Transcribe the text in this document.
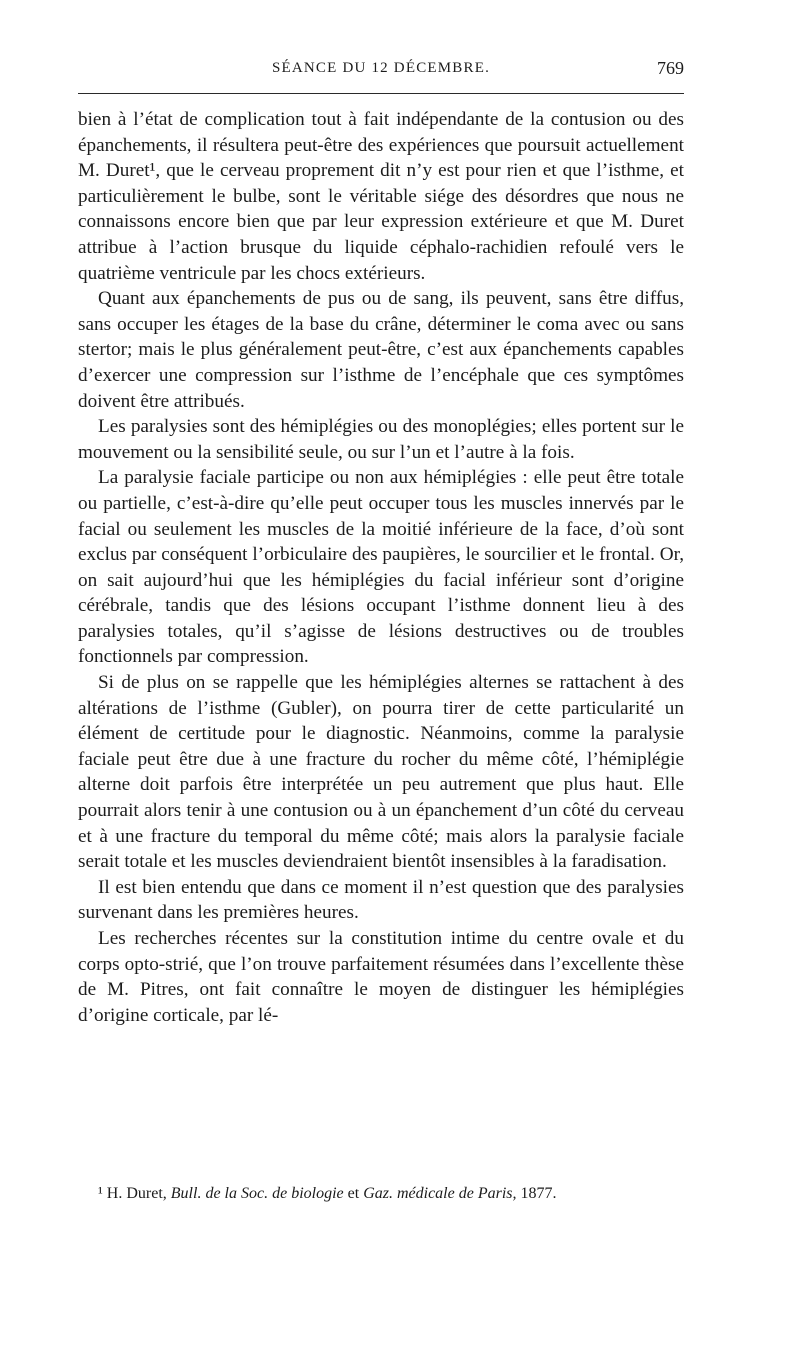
SÉANCE DU 12 DÉCEMBRE.	769

bien à l’état de complication tout à fait indépendante de la contusion ou des épanchements, il résultera peut-être des expériences que poursuit actuellement M. Duret¹, que le cerveau proprement dit n’y est pour rien et que l’isthme, et particulièrement le bulbe, sont le véritable siége des désordres que nous ne connaissons encore bien que par leur expression extérieure et que M. Duret attribue à l’action brusque du liquide céphalo-rachidien refoulé vers le quatrième ventricule par les chocs extérieurs.

Quant aux épanchements de pus ou de sang, ils peuvent, sans être diffus, sans occuper les étages de la base du crâne, déterminer le coma avec ou sans stertor; mais le plus généralement peut-être, c’est aux épanchements capables d’exercer une compression sur l’isthme de l’encéphale que ces symptômes doivent être attribués.

Les paralysies sont des hémiplégies ou des monoplégies; elles portent sur le mouvement ou la sensibilité seule, ou sur l’un et l’autre à la fois.

La paralysie faciale participe ou non aux hémiplégies : elle peut être totale ou partielle, c’est-à-dire qu’elle peut occuper tous les muscles innervés par le facial ou seulement les muscles de la moitié inférieure de la face, d’où sont exclus par conséquent l’orbiculaire des paupières, le sourcilier et le frontal. Or, on sait aujourd’hui que les hémiplégies du facial inférieur sont d’origine cérébrale, tandis que des lésions occupant l’isthme donnent lieu à des paralysies totales, qu’il s’agisse de lésions destructives ou de troubles fonctionnels par compression.

Si de plus on se rappelle que les hémiplégies alternes se rattachent à des altérations de l’isthme (Gubler), on pourra tirer de cette particularité un élément de certitude pour le diagnostic. Néanmoins, comme la paralysie faciale peut être due à une fracture du rocher du même côté, l’hémiplégie alterne doit parfois être interprétée un peu autrement que plus haut. Elle pourrait alors tenir à une contusion ou à un épanchement d’un côté du cerveau et à une fracture du temporal du même côté; mais alors la paralysie faciale serait totale et les muscles deviendraient bientôt insensibles à la faradisation.

Il est bien entendu que dans ce moment il n’est question que des paralysies survenant dans les premières heures.

Les recherches récentes sur la constitution intime du centre ovale et du corps opto-strié, que l’on trouve parfaitement résumées dans l’excellente thèse de M. Pitres, ont fait connaître le moyen de distinguer les hémiplégies d’origine corticale, par lé-

¹ H. Duret, Bull. de la Soc. de biologie et Gaz. médicale de Paris, 1877.
